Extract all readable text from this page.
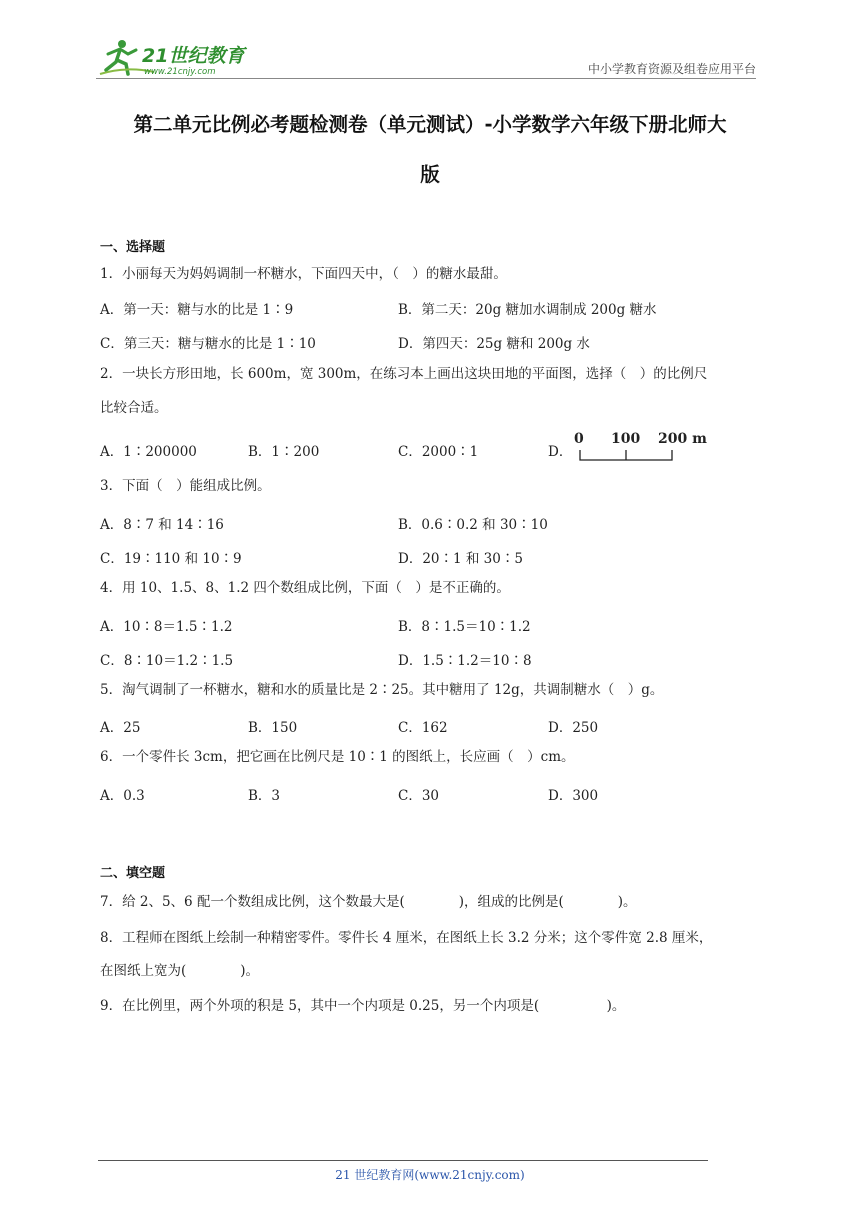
21世纪教育
www.21cnjy.com	中小学教育资源及组卷应用平台
第二单元比例必考题检测卷（单元测试）-小学数学六年级下册北师大
版
一、选择题
1．小丽每天为妈妈调制一杯糖水，下面四天中，（　）的糖水最甜。
A．第一天：糖与水的比是 1∶9	B．第二天：20g 糖加水调制成 200g 糖水
C．第三天：糖与糖水的比是 1∶10	D．第四天：25g 糖和 200g 水
2．一块长方形田地，长 600m，宽 300m，在练习本上画出这块田地的平面图，选择（　）的比例尺
比较合适。
A．1∶200000	B．1∶200	C．2000∶1	D．
0 100 200 m
3．下面（　）能组成比例。
A．8∶7 和 14∶16	B．0.6∶0.2 和 30∶10
C．19∶110 和 10∶9	D．20∶1 和 30∶5
4．用 10、1.5、8、1.2 四个数组成比例，下面（　）是不正确的。
A．10∶8＝1.5∶1.2	B．8∶1.5＝10∶1.2
C．8∶10＝1.2∶1.5	D．1.5∶1.2＝10∶8
5．淘气调制了一杯糖水，糖和水的质量比是 2∶25。其中糖用了 12g，共调制糖水（　）g。
A．25	B．150	C．162	D．250
6．一个零件长 3cm，把它画在比例尺是 10∶1 的图纸上，长应画（　）cm。
A．0.3	B．3	C．30	D．300
二、填空题
7．给 2、5、6 配一个数组成比例，这个数最大是(　　　　)，组成的比例是(　　　　)。
8．工程师在图纸上绘制一种精密零件。零件长 4 厘米，在图纸上长 3.2 分米；这个零件宽 2.8 厘米，
在图纸上宽为(　　　　)。
9．在比例里，两个外项的积是 5，其中一个内项是 0.25，另一个内项是(　　　　　)。
21 世纪教育网(www.21cnjy.com)
